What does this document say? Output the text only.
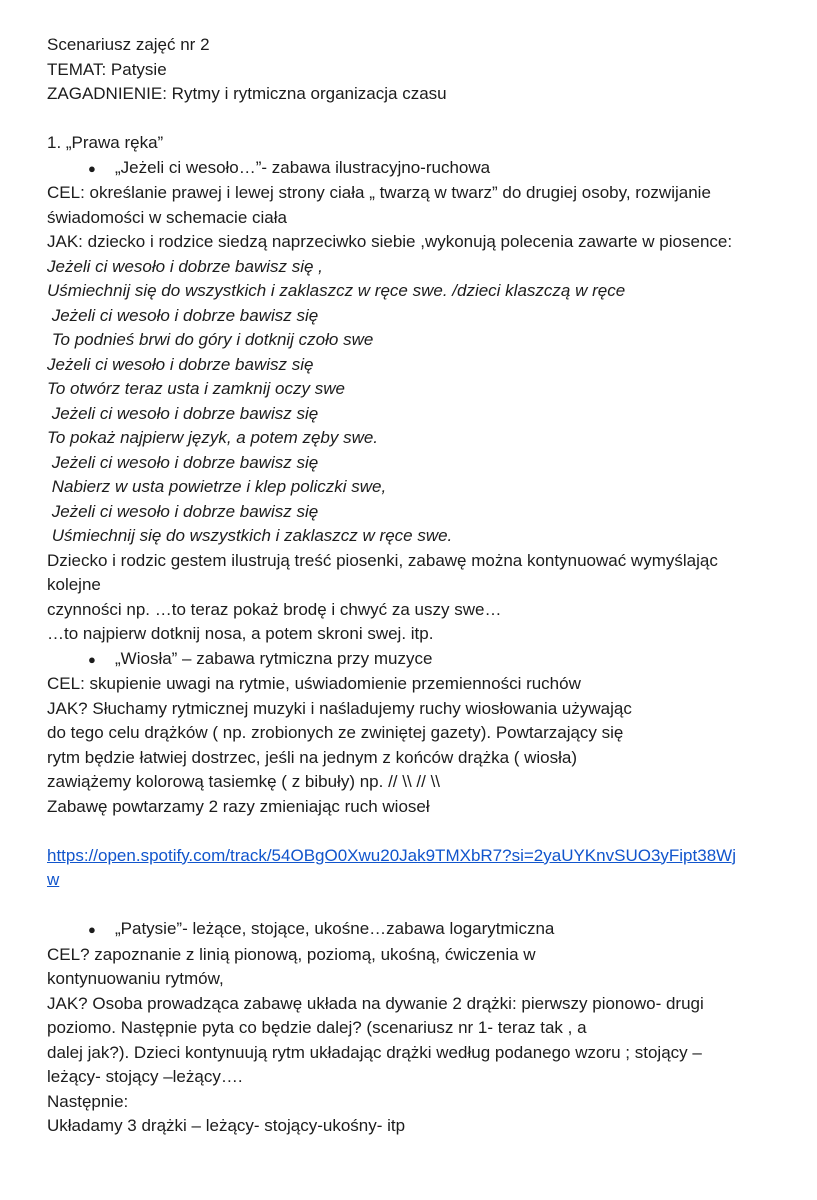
Scenariusz zajęć nr 2
TEMAT: Patysie
ZAGADNIENIE: Rytmy i rytmiczna organizacja czasu
1. „Prawa ręka”
● „Jeżeli ci wesoło…”- zabawa ilustracyjno-ruchowa
CEL: określanie prawej i lewej strony ciała „ twarzą w twarz” do drugiej osoby, rozwijanie
świadomości w schemacie ciała
JAK: dziecko i rodzice siedzą naprzeciwko siebie ,wykonują polecenia zawarte w piosence:
Jeżeli ci wesoło i dobrze bawisz się ,
Uśmiechnij się do wszystkich i zaklaszcz w ręce swe. /dzieci klaszczą w ręce
Jeżeli ci wesoło i dobrze bawisz się
To podnieś brwi do góry i dotknij czoło swe
Jeżeli ci wesoło i dobrze bawisz się
To otwórz teraz usta i zamknij oczy swe
Jeżeli ci wesoło i dobrze bawisz się
To pokaż najpierw język, a potem zęby swe.
Jeżeli ci wesoło i dobrze bawisz się
Nabierz w usta powietrze i klep policzki swe,
Jeżeli ci wesoło i dobrze bawisz się
Uśmiechnij się do wszystkich i zaklaszcz w ręce swe.
Dziecko i rodzic gestem ilustrują treść piosenki, zabawę można kontynuować wymyślając
kolejne
czynności np. …to teraz pokaż brodę i chwyć za uszy swe…
…to najpierw dotknij nosa, a potem skroni swej. itp.
● „Wiosła” – zabawa rytmiczna przy muzyce
CEL: skupienie uwagi na rytmie, uświadomienie przemienności ruchów
JAK? Słuchamy rytmicznej muzyki i naśladujemy ruchy wiosłowania używając
do tego celu drążków ( np. zrobionych ze zwiniętej gazety). Powtarzający się
rytm będzie łatwiej dostrzec, jeśli na jednym z końców drążka ( wiosła)
zawiążemy kolorową tasiemkę ( z bibuły) np. // \\ // \\
Zabawę powtarzamy 2 razy zmieniając ruch wioseł
https://open.spotify.com/track/54OBgO0Xwu20Jak9TMXbR7?si=2yaUYKnvSUO3yFipt38Wj
w
● „Patysie”- leżące, stojące, ukośne…zabawa logarytmiczna
CEL? zapoznanie z linią pionową, poziomą, ukośną, ćwiczenia w
kontynuowaniu rytmów,
JAK? Osoba prowadząca zabawę układa na dywanie 2 drążki: pierwszy pionowo- drugi
poziomo. Następnie pyta co będzie dalej? (scenariusz nr 1- teraz tak , a
dalej jak?). Dzieci kontynuują rytm układając drążki według podanego wzoru ; stojący –
leżący- stojący –leżący….
Następnie:
Układamy 3 drążki – leżący- stojący-ukośny- itp
